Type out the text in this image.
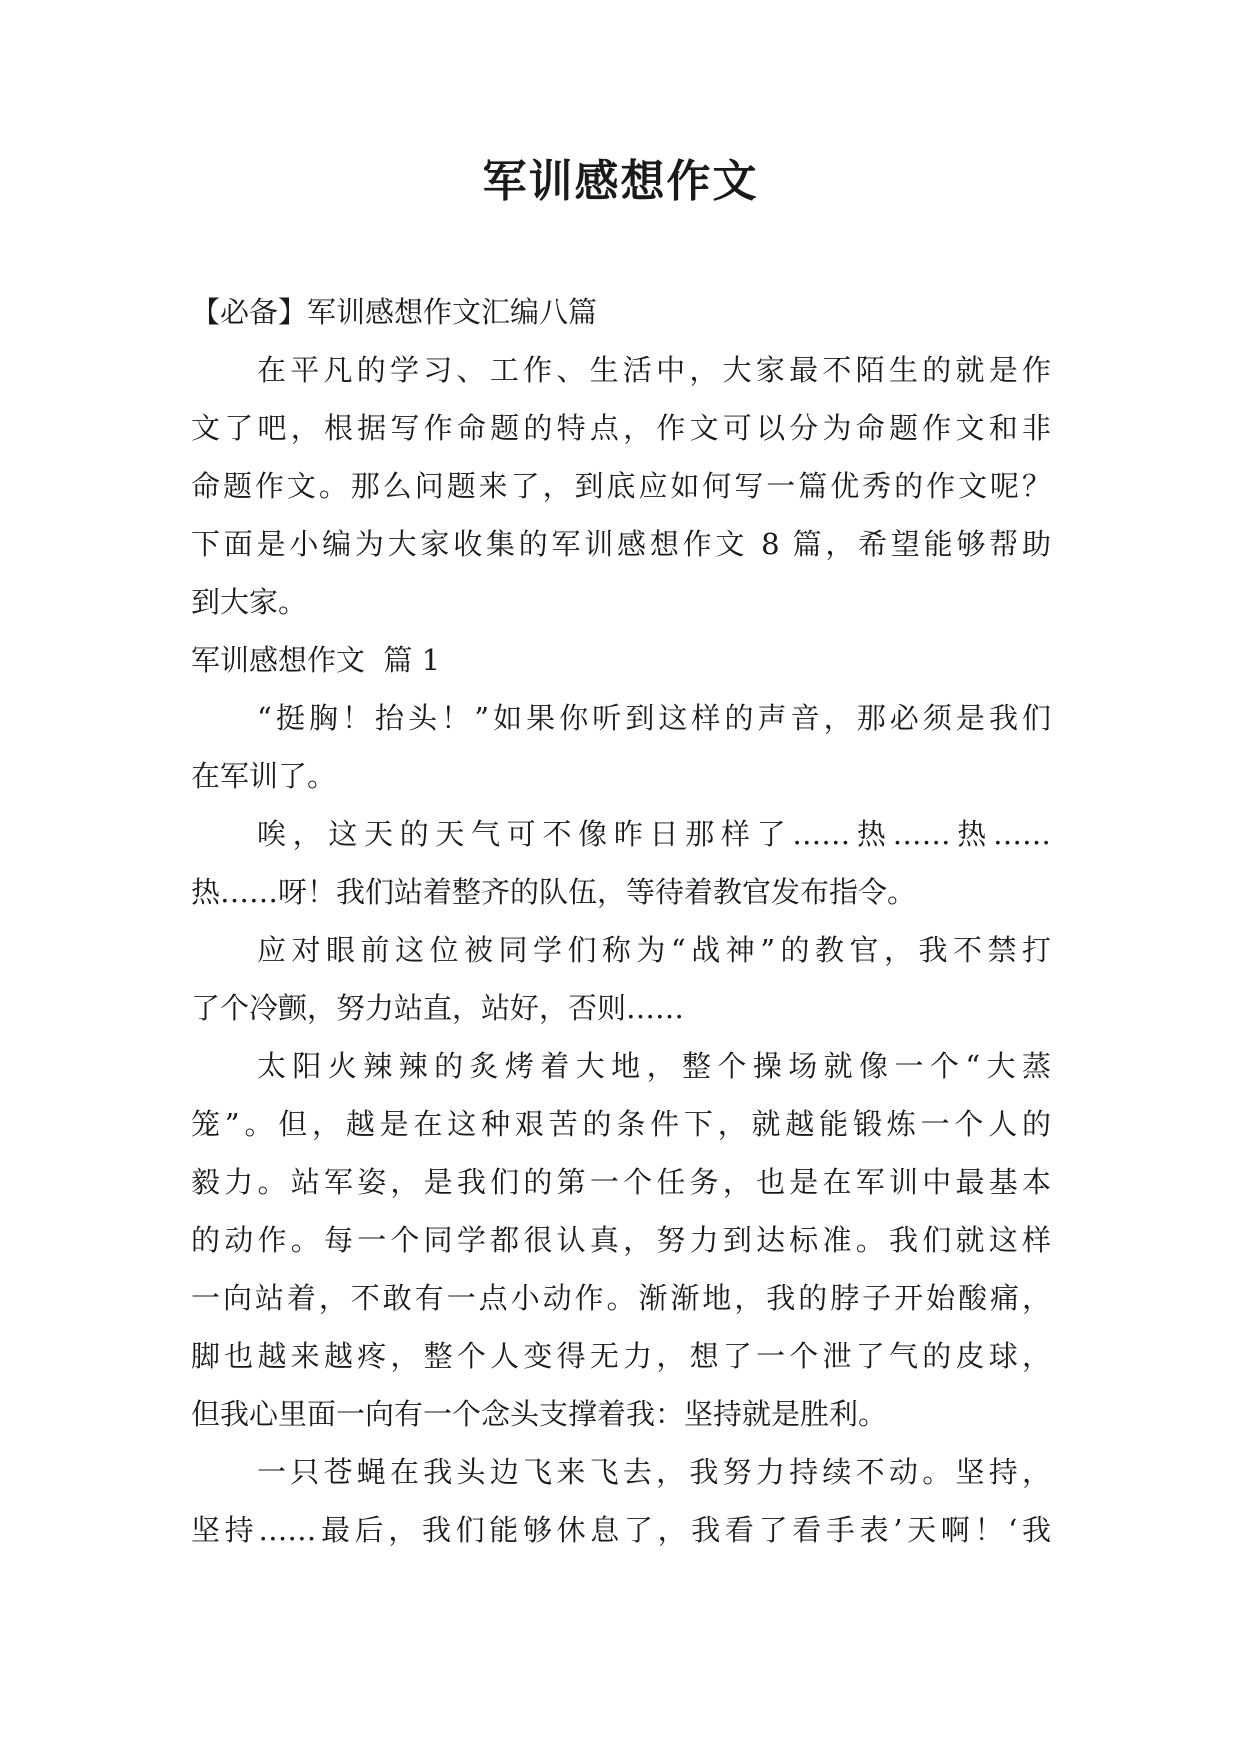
军训感想作文
【必备】军训感想作文汇编八篇
在平凡的学习、工作、生活中，大家最不陌生的就是作
文了吧，根据写作命题的特点，作文可以分为命题作文和非
命题作文。那么问题来了，到底应如何写一篇优秀的作文呢？
下面是小编为大家收集的军训感想作文 8 篇，希望能够帮助
到大家。
军训感想作文  篇 1
“挺胸！抬头！”如果你听到这样的声音，那必须是我们
在军训了。
唉，这天的天气可不像昨日那样了……热……热……
热……呀！我们站着整齐的队伍，等待着教官发布指令。
应对眼前这位被同学们称为“战神”的教官，我不禁打
了个冷颤，努力站直，站好，否则……
太阳火辣辣的炙烤着大地，整个操场就像一个“大蒸
笼”。但，越是在这种艰苦的条件下，就越能锻炼一个人的
毅力。站军姿，是我们的第一个任务，也是在军训中最基本
的动作。每一个同学都很认真，努力到达标准。我们就这样
一向站着，不敢有一点小动作。渐渐地，我的脖子开始酸痛，
脚也越来越疼，整个人变得无力，想了一个泄了气的皮球，
但我心里面一向有一个念头支撑着我：坚持就是胜利。
一只苍蝇在我头边飞来飞去，我努力持续不动。坚持，
坚持……最后，我们能够休息了，我看了看手表’天啊！‘我
